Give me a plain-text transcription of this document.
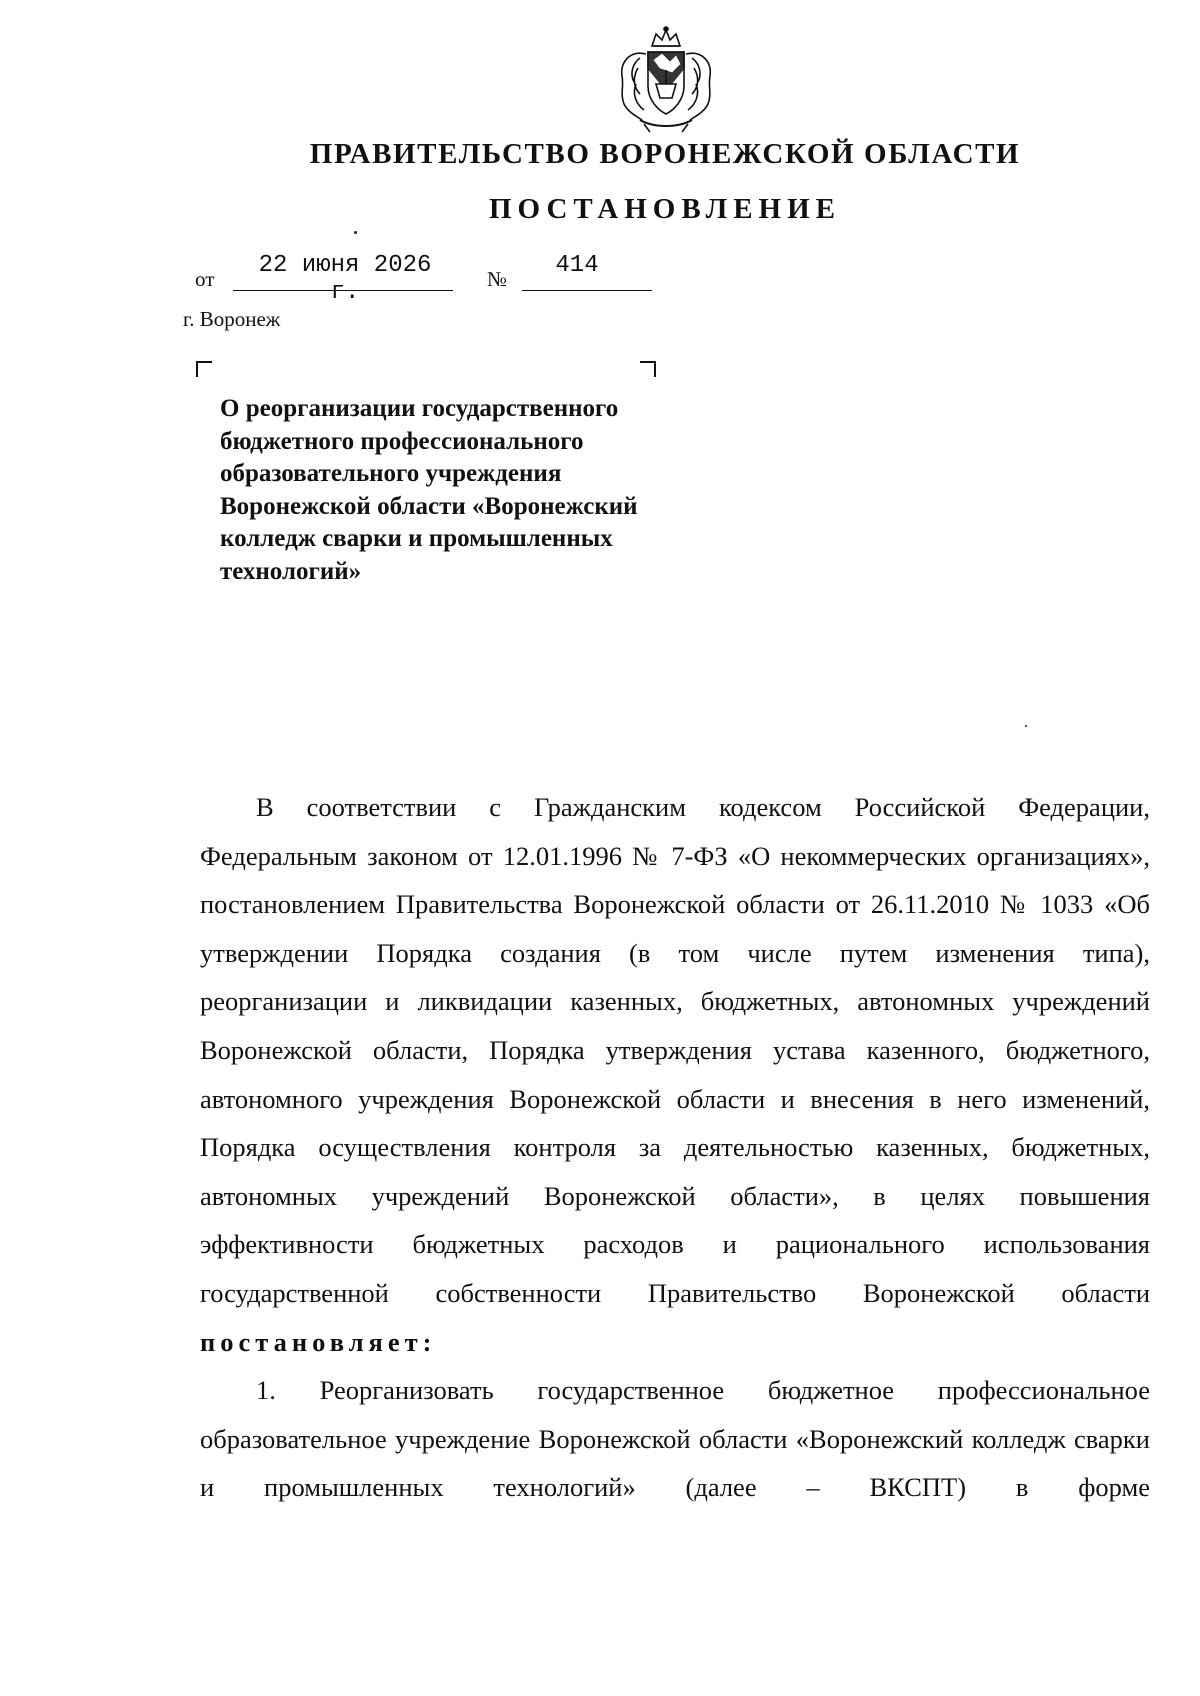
ПРАВИТЕЛЬСТВО ВОРОНЕЖСКОЙ ОБЛАСТИ
ПОСТАНОВЛЕНИЕ
от	22 июня 2026 г.	№	414
г. Воронеж
О реорганизации государственного бюджетного профессионального образовательного учреждения Воронежской области «Воронежский колледж сварки и промышленных технологий»

В соответствии с Гражданским кодексом Российской Федерации, Федеральным законом от 12.01.1996 № 7-ФЗ «О некоммерческих организациях», постановлением Правительства Воронежской области от 26.11.2010 № 1033 «Об утверждении Порядка создания (в том числе путем изменения типа), реорганизации и ликвидации казенных, бюджетных, автономных учреждений Воронежской области, Порядка утверждения устава казенного, бюджетного, автономного учреждения Воронежской области и внесения в него изменений, Порядка осуществления контроля за деятельностью казенных, бюджетных, автономных учреждений Воронежской области», в целях повышения эффективности бюджетных расходов и рационального использования государственной собственности Правительство Воронежской области постановляет:

1. Реорганизовать государственное бюджетное профессиональное образовательное учреждение Воронежской области «Воронежский колледж сварки и промышленных технологий» (далее – ВКСПТ) в форме
